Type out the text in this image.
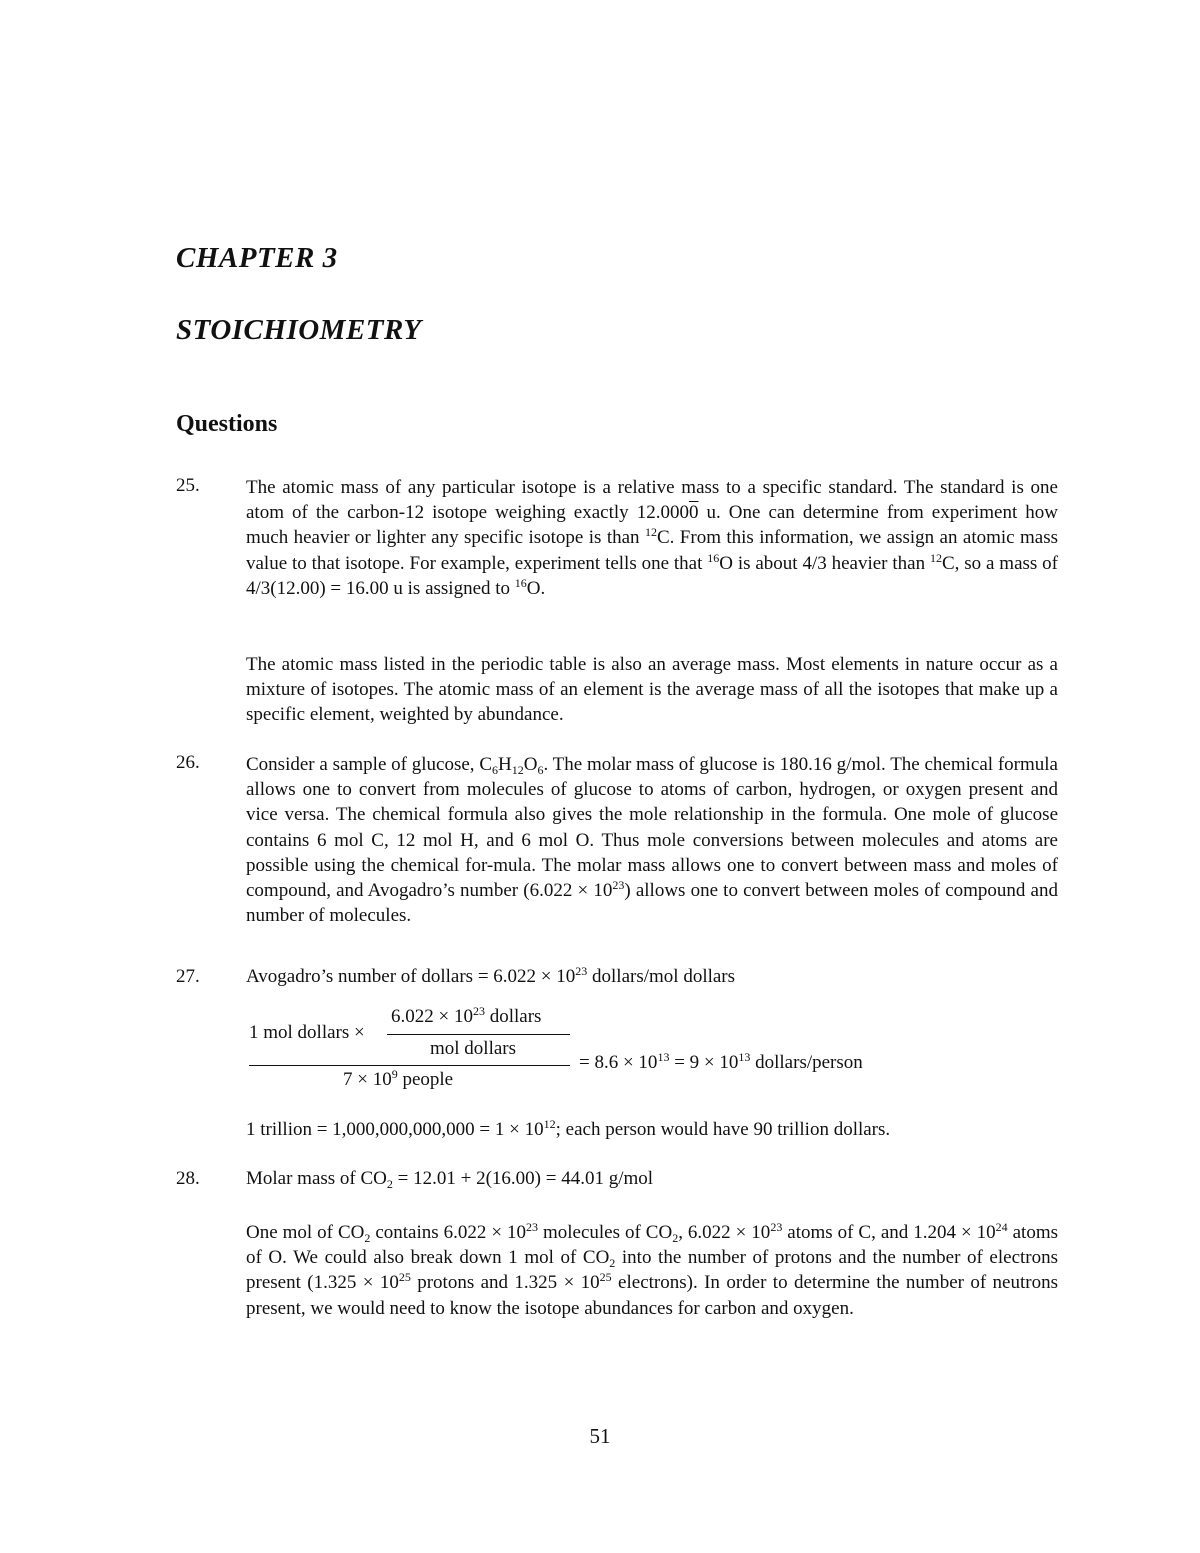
CHAPTER 3
STOICHIOMETRY
Questions
25. The atomic mass of any particular isotope is a relative mass to a specific standard. The standard is one atom of the carbon-12 isotope weighing exactly 12.0000 u. One can determine from experiment how much heavier or lighter any specific isotope is than $^{12}$C. From this information, we assign an atomic mass value to that isotope. For example, experiment tells one that $^{16}$O is about 4/3 heavier than $^{12}$C, so a mass of 4/3(12.00) = 16.00 u is assigned to $^{16}$O.
The atomic mass listed in the periodic table is also an average mass. Most elements in nature occur as a mixture of isotopes. The atomic mass of an element is the average mass of all the isotopes that make up a specific element, weighted by abundance.
26. Consider a sample of glucose, $C_6H_{12}O_6$. The molar mass of glucose is 180.16 g/mol. The chemical formula allows one to convert from molecules of glucose to atoms of carbon, hydrogen, or oxygen present and vice versa. The chemical formula also gives the mole relationship in the formula. One mole of glucose contains 6 mol C, 12 mol H, and 6 mol O. Thus mole conversions between molecules and atoms are possible using the chemical for-mula. The molar mass allows one to convert between mass and moles of compound, and Avogadro’s number $(6.022 \times 10^{23})$ allows one to convert between moles of compound and number of molecules.
27. Avogadro’s number of dollars = $6.022 \times 10^{23}$ dollars/mol dollars
1 mol dollars ×
$6.022 \times 10^{23}$ dollars
mol dollars
$7 \times 10^9$ people
= $8.6 \times 10^{13} = 9 \times 10^{13}$ dollars/person
1 trillion = $1,000,000,000,000 = 1 \times 10^{12}$; each person would have 90 trillion dollars.
28. Molar mass of $CO_2 = 12.01 + 2(16.00) = 44.01$ g/mol
One mol of $CO_2$ contains $6.022 \times 10^{23}$ molecules of $CO_2$, $6.022 \times 10^{23}$ atoms of C, and $1.204 \times 10^{24}$ atoms of O. We could also break down 1 mol of $CO_2$ into the number of protons and the number of electrons present ($1.325 \times 10^{25}$ protons and $1.325 \times 10^{25}$ electrons). In order to determine the number of neutrons present, we would need to know the isotope abundances for carbon and oxygen.
51
